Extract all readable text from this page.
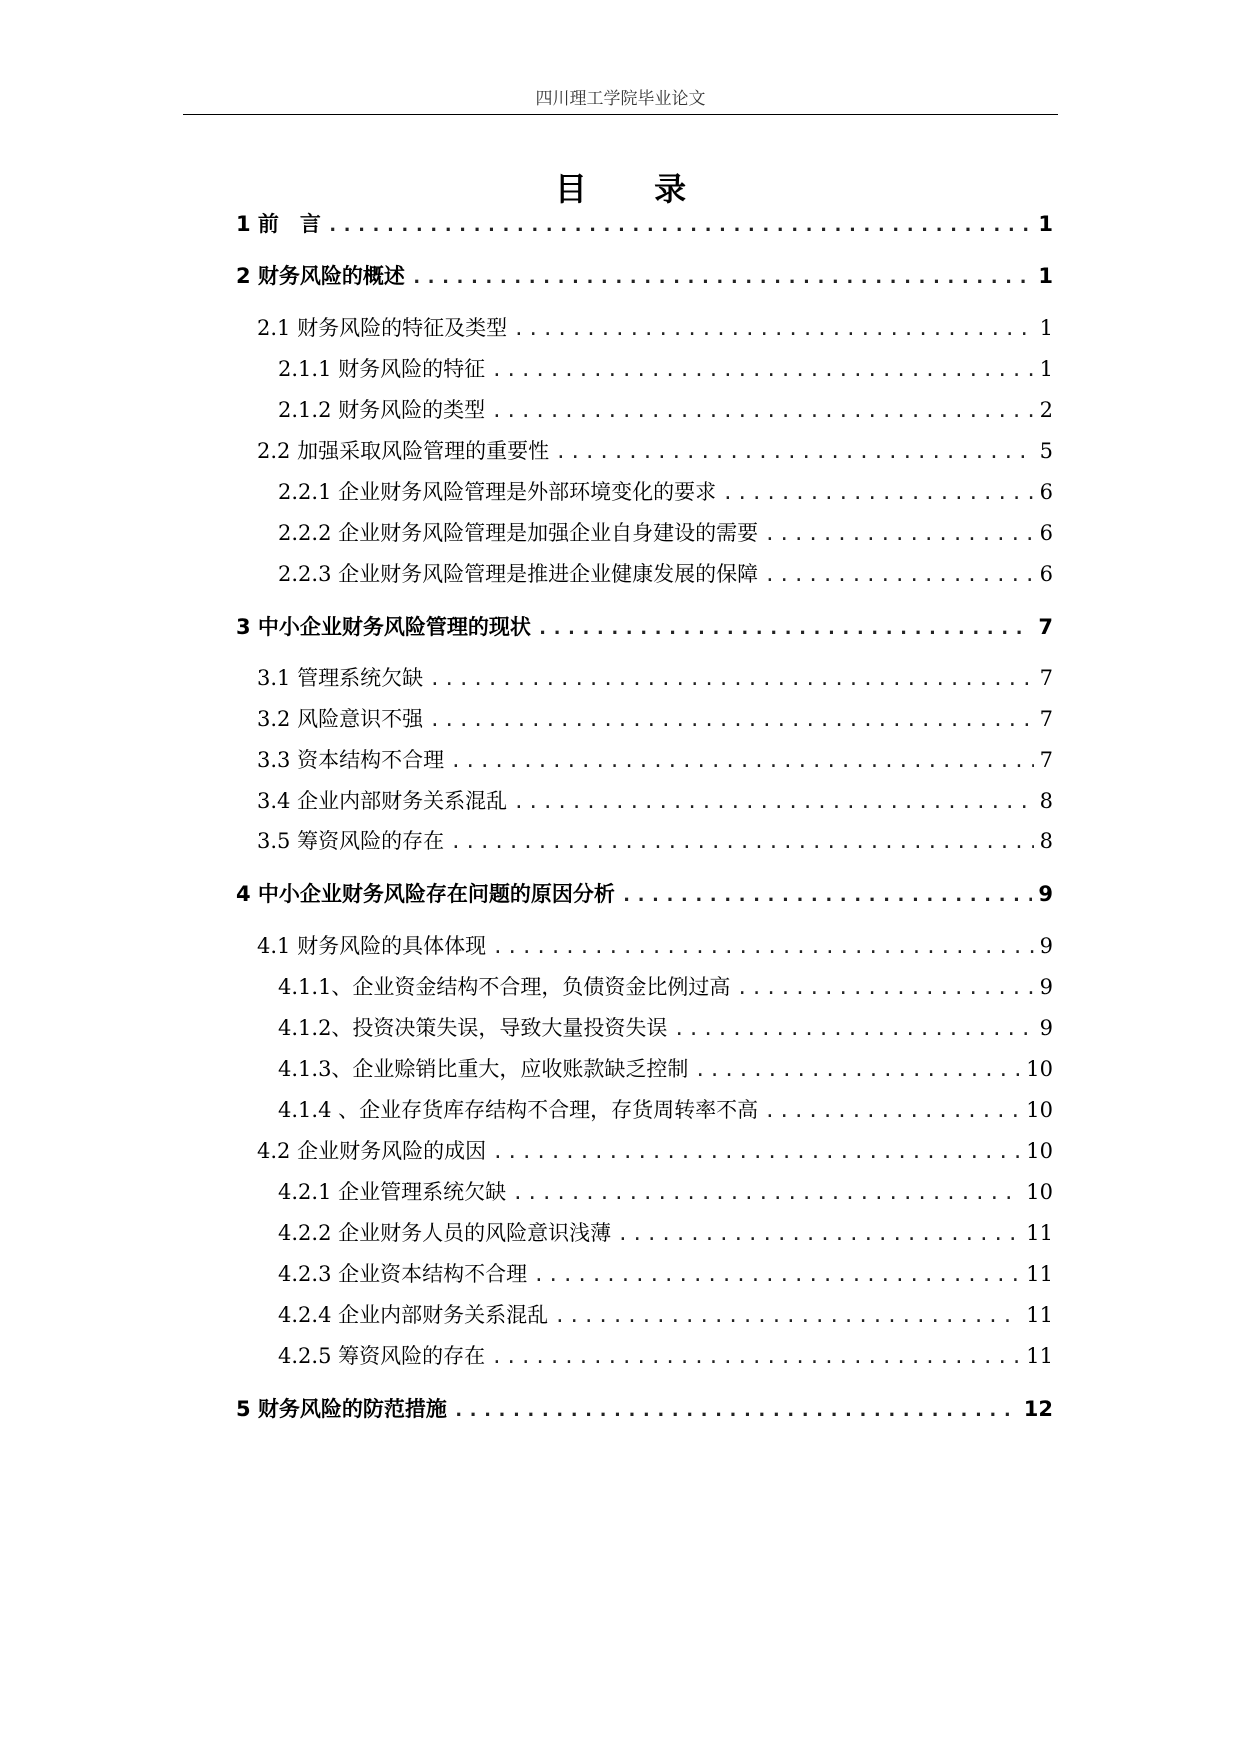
四川理工学院毕业论文
目 录
1 前　言 .....	1
2 财务风险的概述 .....	1
2.1 财务风险的特征及类型 .....	1
2.1.1 财务风险的特征 .....	1
2.1.2 财务风险的类型 .....	2
2.2 加强采取风险管理的重要性 .....	5
2.2.1 企业财务风险管理是外部环境变化的要求 .....	6
2.2.2 企业财务风险管理是加强企业自身建设的需要 .....	6
2.2.3 企业财务风险管理是推进企业健康发展的保障 .....	6
3 中小企业财务风险管理的现状 .....	7
3.1 管理系统欠缺 .....	7
3.2 风险意识不强 .....	7
3.3 资本结构不合理 .....	7
3.4 企业内部财务关系混乱 .....	8
3.5 筹资风险的存在 .....	8
4 中小企业财务风险存在问题的原因分析 .....	9
4.1 财务风险的具体体现 .....	9
4.1.1、企业资金结构不合理，负债资金比例过高 .....	9
4.1.2、投资决策失误，导致大量投资失误 .....	9
4.1.3、企业赊销比重大，应收账款缺乏控制 .....	10
4.1.4 、企业存货库存结构不合理，存货周转率不高 .....	10
4.2 企业财务风险的成因 .....	10
4.2.1 企业管理系统欠缺 .....	10
4.2.2 企业财务人员的风险意识浅薄 .....	11
4.2.3 企业资本结构不合理 .....	11
4.2.4 企业内部财务关系混乱 .....	11
4.2.5 筹资风险的存在 .....	11
5 财务风险的防范措施 .....	12
